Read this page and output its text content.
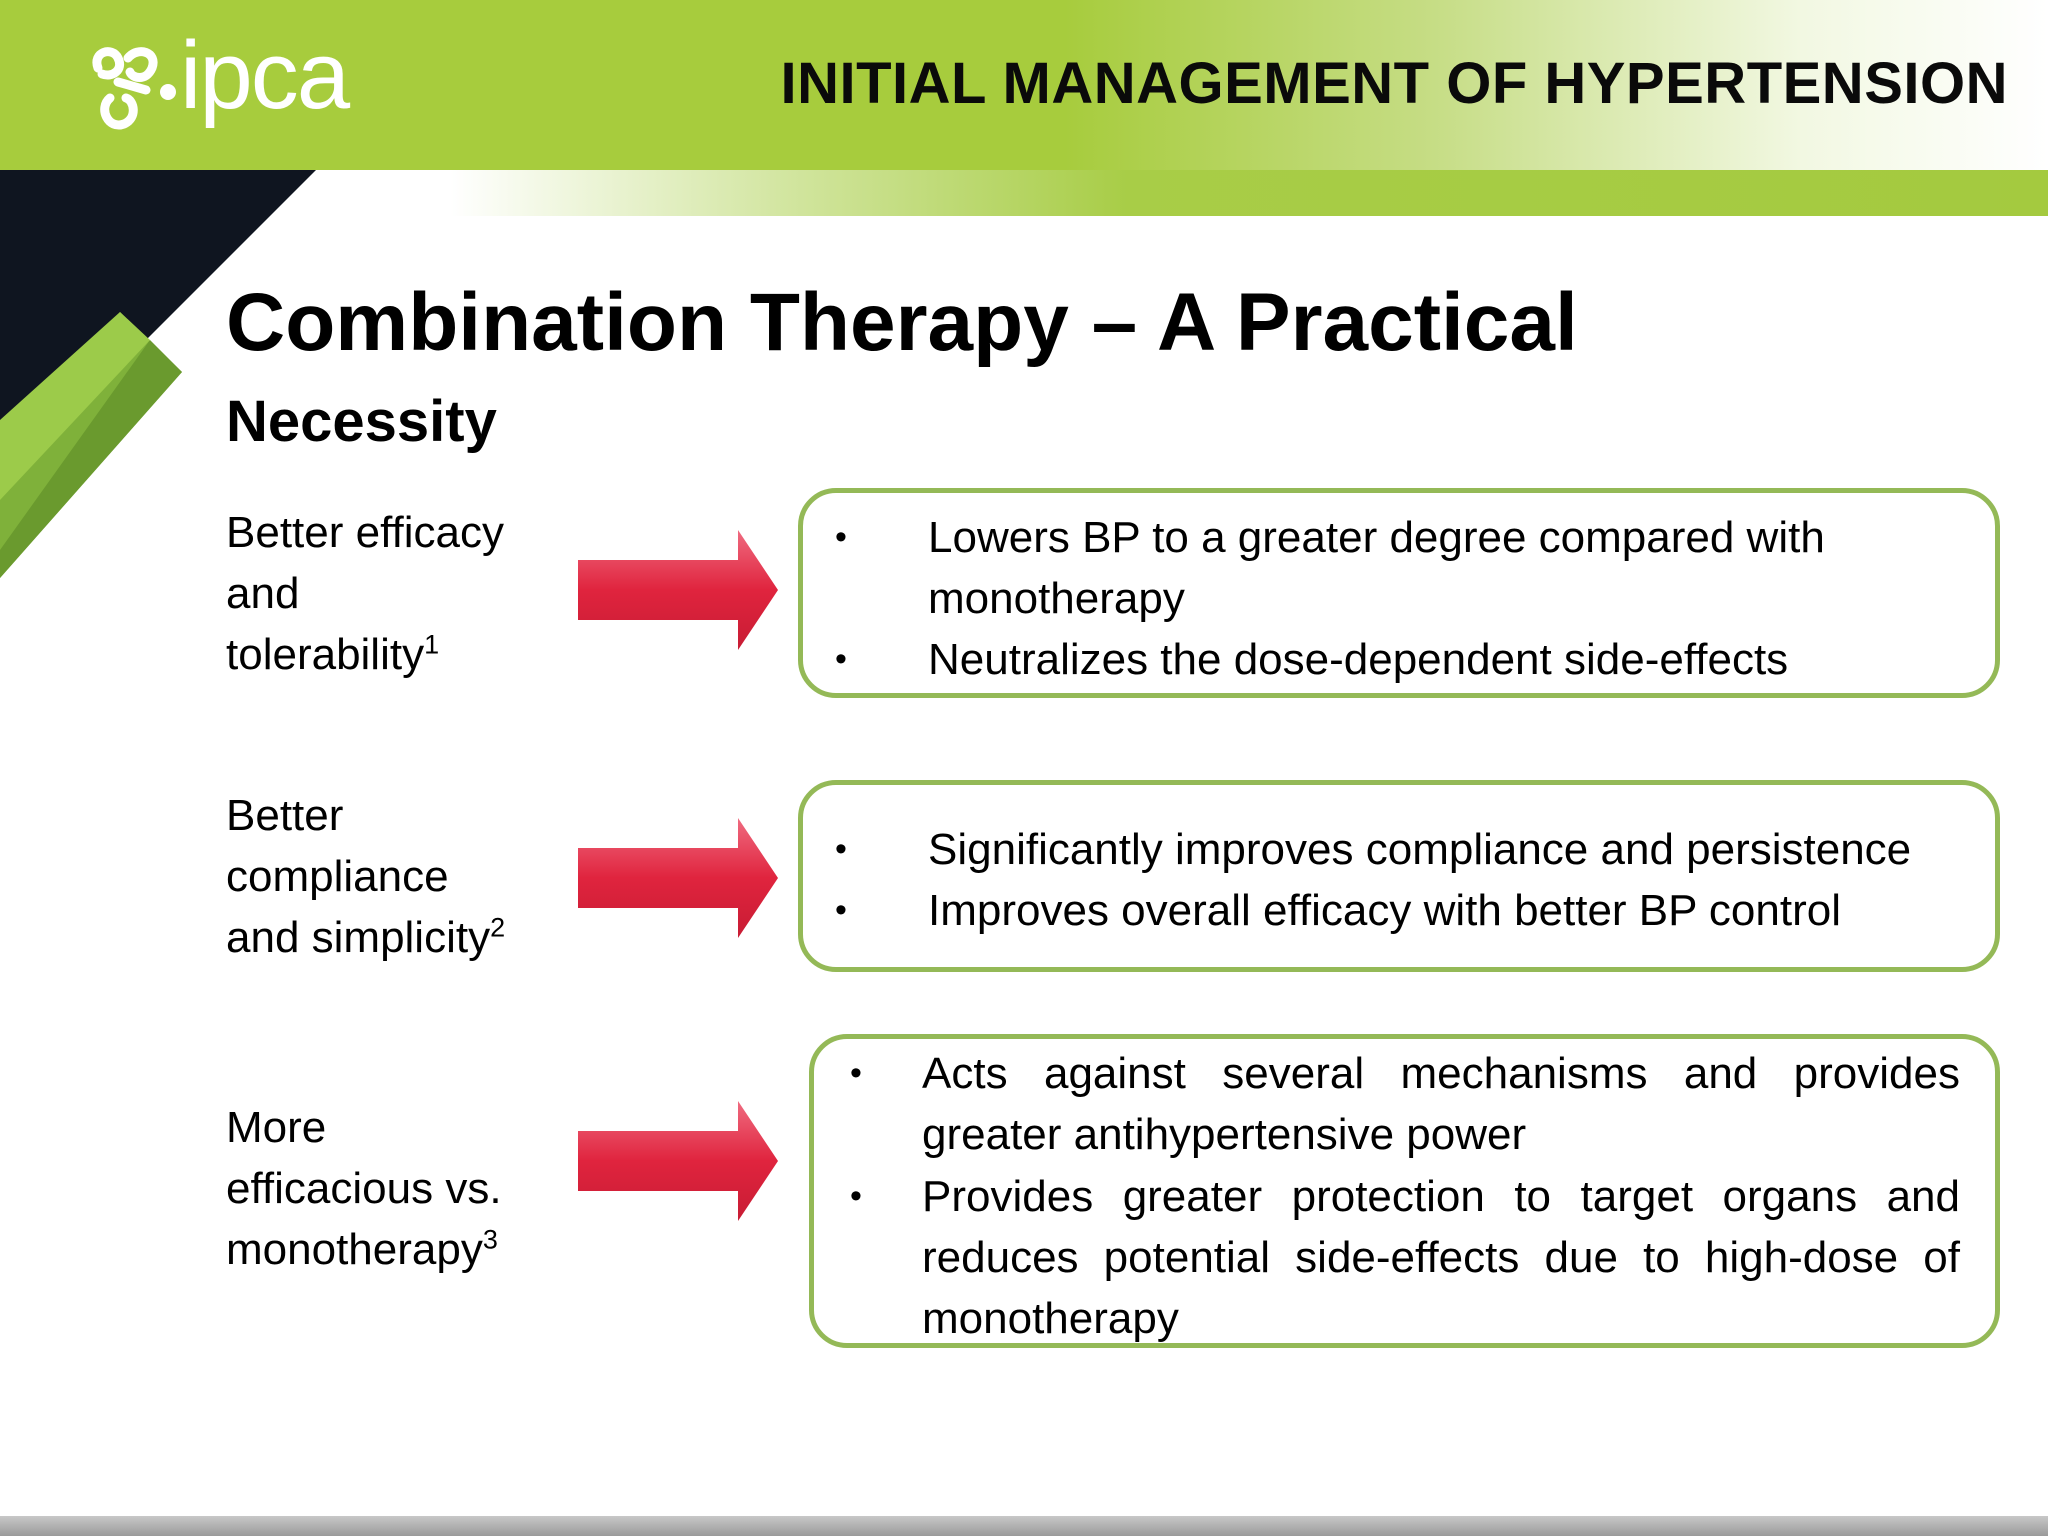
ipca	INITIAL MANAGEMENT OF HYPERTENSION
Combination Therapy – A Practical
Necessity
Better efficacy
and
tolerability$^1$
• Lowers BP to a greater degree compared with monotherapy
• Neutralizes the dose-dependent side-effects
Better
compliance
and simplicity$^2$
• Significantly improves compliance and persistence
• Improves overall efficacy with better BP control
More
efficacious vs.
monotherapy$^3$
• Acts against several mechanisms and provides greater antihypertensive power
• Provides greater protection to target organs and reduces potential side-effects due to high-dose of monotherapy
